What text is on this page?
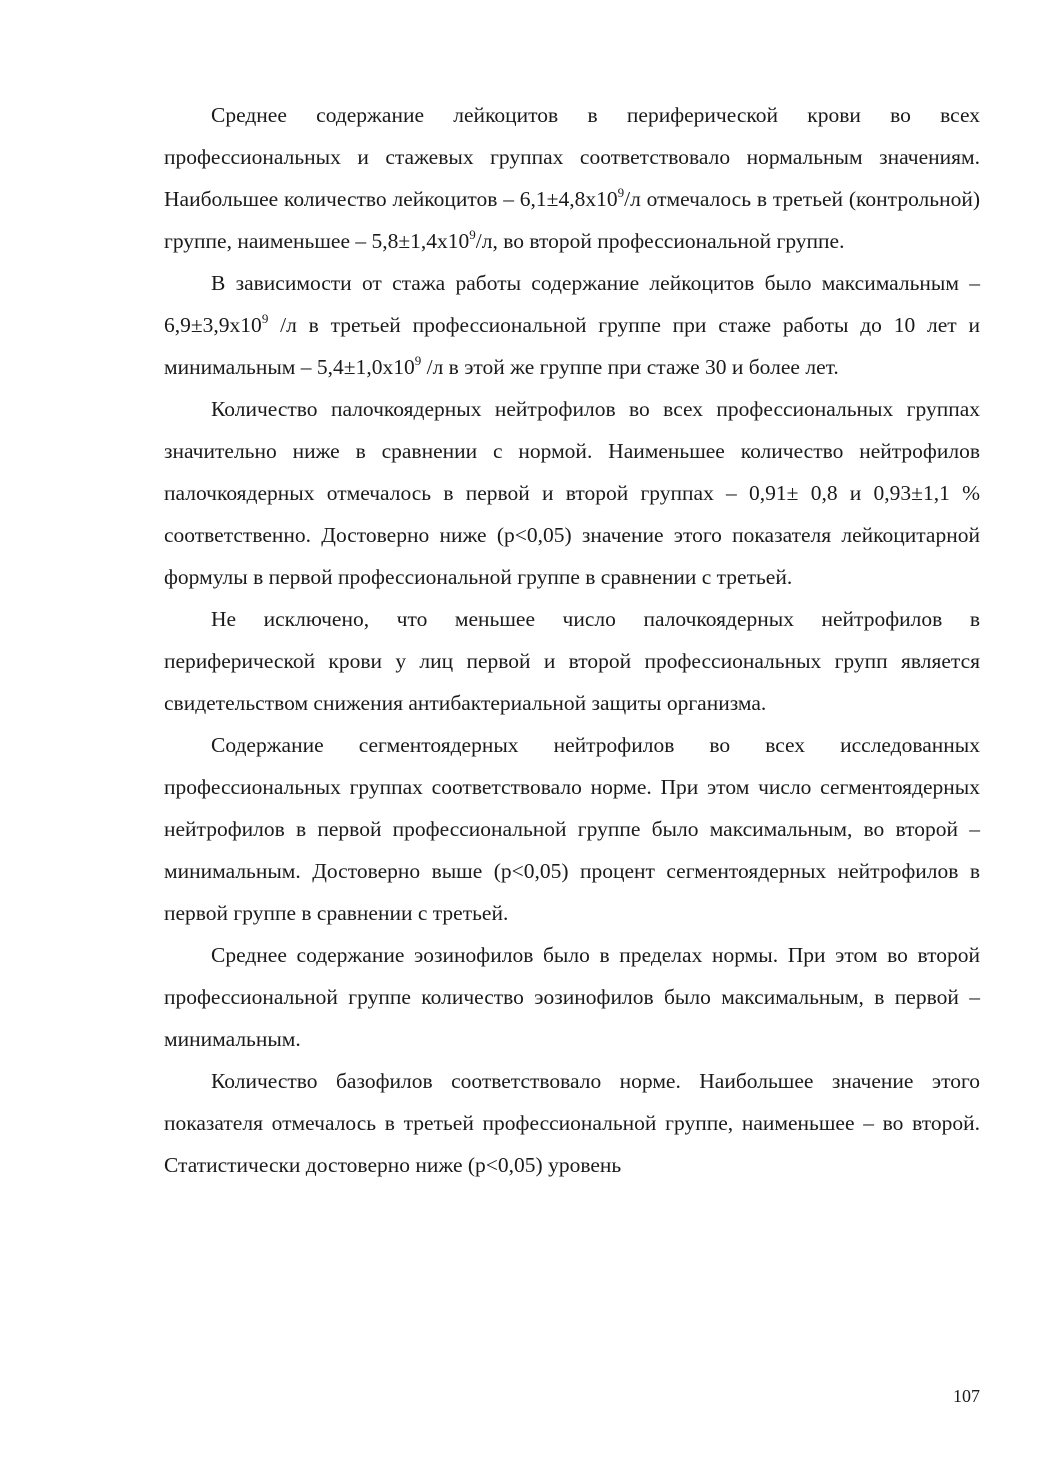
Среднее содержание лейкоцитов в периферической крови во всех профессиональных и стажевых группах соответствовало нормальным значениям. Наибольшее количество лейкоцитов – $6,1\pm 4,8х10^9/л$ отмечалось в третьей (контрольной) группе, наименьшее – $5,8\pm 1,4х10^9/л$, во второй профессиональной группе.

В зависимости от стажа работы содержание лейкоцитов было максимальным – $6,9\pm 3,9х10^9$ /л в третьей профессиональной группе при стаже работы до 10 лет и минимальным – $5,4\pm 1,0х10^9$ /л в этой же группе при стаже 30 и более лет.

Количество палочкоядерных нейтрофилов во всех профессиональных группах значительно ниже в сравнении с нормой. Наименьшее количество нейтрофилов палочкоядерных отмечалось в первой и второй группах – 0,91± 0,8 и 0,93±1,1 % соответственно. Достоверно ниже (р<0,05) значение этого показателя лейкоцитарной формулы в первой профессиональной группе в сравнении с третьей.

Не исключено, что меньшее число палочкоядерных нейтрофилов в периферической крови у лиц первой и второй профессиональных групп является свидетельством снижения антибактериальной защиты организма.

Содержание сегментоядерных нейтрофилов во всех исследованных профессиональных группах соответствовало норме. При этом число сегментоядерных нейтрофилов в первой профессиональной группе было максимальным, во второй – минимальным. Достоверно выше (р<0,05) процент сегментоядерных нейтрофилов в первой группе в сравнении с третьей.

Среднее содержание эозинофилов было в пределах нормы. При этом во второй профессиональной группе количество эозинофилов было максимальным, в первой – минимальным.

Количество базофилов соответствовало норме. Наибольшее значение этого показателя отмечалось в третьей профессиональной группе, наименьшее – во второй. Статистически достоверно ниже (р<0,05) уровень

107
